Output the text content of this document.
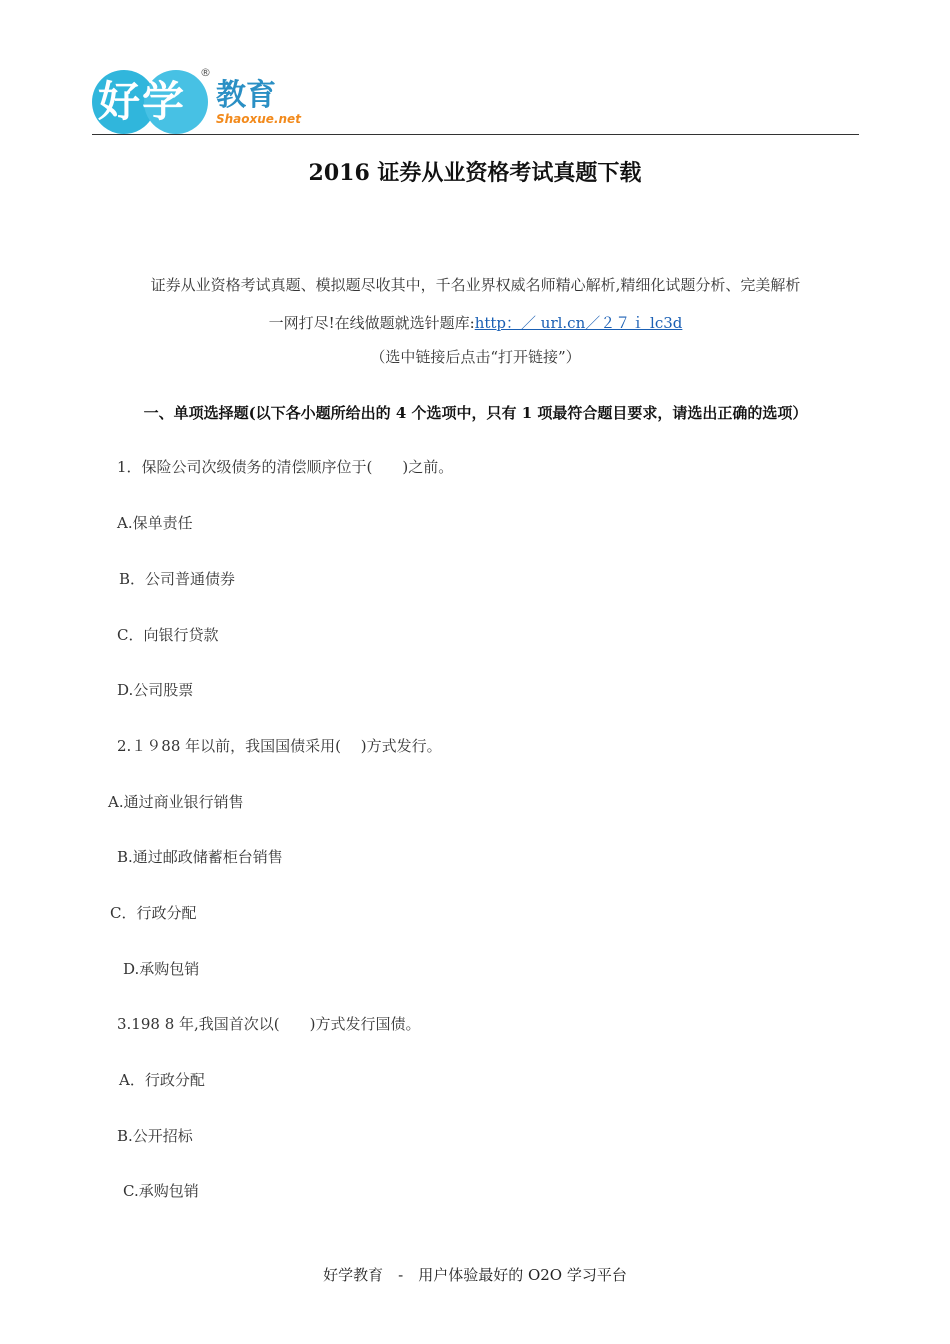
好学
®
教育
Shaoxue.net
2016 证券从业资格考试真题下载
证券从业资格考试真题、模拟题尽收其中，千名业界权威名师精心解析,精细化试题分析、完美解析
一网打尽!在线做题就选针题库:http：／ url.cn／２７ｉ lc3d
（选中链接后点击“打开链接”）
一、单项选择题(以下各小题所给出的 4 个选项中，只有 1 项最符合题目要求，请选出正确的选项）
1．保险公司次级债务的清偿顺序位于(　　)之前。
A.保单责任
B．公司普通债券
C．向银行贷款
D.公司股票
2.１９88 年以前，我国国债采用(　 )方式发行。
A.通过商业银行销售
B.通过邮政储蓄柜台销售
C．行政分配
D.承购包销
3.198 8 年,我国首次以(　　)方式发行国债。
A．行政分配
B.公开招标
C.承购包销
好学教育　-　用户体验最好的 O2O 学习平台
